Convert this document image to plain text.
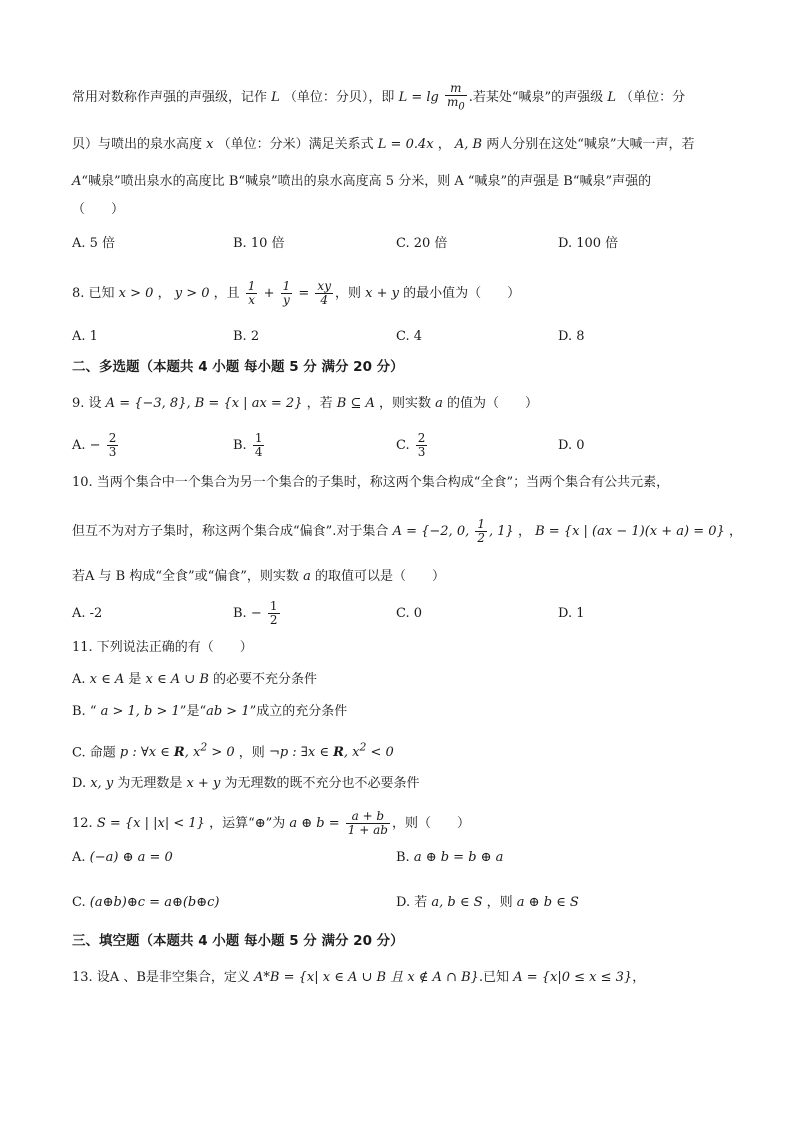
常用对数称作声强的声强级，记作 L （单位：分贝），即 $L = \lg \frac{m}{m_0}$ .若某处“喊泉”的声强级 L （单位：分
贝）与喷出的泉水高度 x （单位：分米）满足关系式 L = 0.4x ， A, B 两人分别在这处“喊泉”大喊一声，若
A“喊泉”喷出泉水的高度比 B“喊泉”喷出的泉水高度高 5 分米，则 A “喊泉”的声强是 B“喊泉”声强的
（　　）
A. 5 倍	B. 10 倍	C. 20 倍	D. 100 倍
8. 已知 x > 0 ， y > 0 ，且 $\frac{1}{x} + \frac{1}{y} = \frac{xy}{4}$ ，则 x + y 的最小值为（　　）
A. 1	B. 2	C. 4	D. 8
二、多选题（本题共 4 小题 每小题 5 分 满分 20 分）
9. 设 A = {−3, 8}, B = {x | ax = 2} ，若 B ⊆ A ，则实数 a 的值为（　　）
A. − $\frac{2}{3}$	B. $\frac{1}{4}$	C. $\frac{2}{3}$	D. 0
10. 当两个集合中一个集合为另一个集合的子集时，称这两个集合构成“全食”；当两个集合有公共元素，
但互不为对方子集时，称这两个集合成“偏食”.对于集合 A = {−2, 0, $\frac{1}{2}$ , 1} ， B = {x | (ax − 1)(x + a) = 0} ，
若A 与 B 构成“全食”或“偏食”，则实数 a 的取值可以是（　　）
A. -2	B. − $\frac{1}{2}$	C. 0	D. 1
11. 下列说法正确的有（　　）
A. x ∈ A 是 x ∈ A ∪ B 的必要不充分条件
B. “ a > 1, b > 1”是“ab > 1”成立的充分条件
C. 命题 p : ∀x ∈ R, $x^2 > 0$ ，则 ¬p : ∃x ∈ R, $x^2 < 0$
D. x, y 为无理数是 x + y 为无理数的既不充分也不必要条件
12. S = {x | |x| < 1} ，运算“⊕”为 a ⊕ $b = \frac{a + b}{1 + ab}$ ，则（　　）
A. (−a) ⊕ a = 0	B. a ⊕ b = b ⊕ a
C. (a⊕b)⊕c = a⊕(b⊕c)	D. 若 a, b ∈ S ，则 a ⊕ b ∈ S
三、填空题（本题共 4 小题 每小题 5 分 满分 20 分）
13. 设A 、B是非空集合，定义 A*B = {x| x ∈ A ∪ B 且 x ∉ A ∩ B}.已知 A = {x|0 ≤ x ≤ 3}，
